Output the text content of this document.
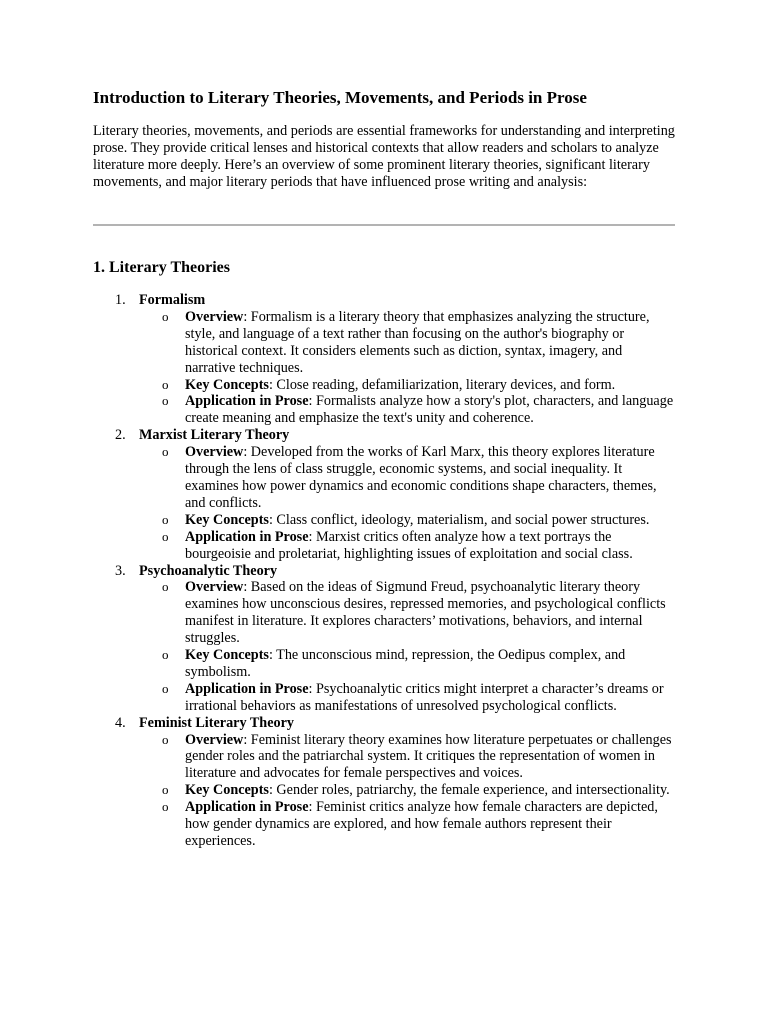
Introduction to Literary Theories, Movements, and Periods in Prose

Literary theories, movements, and periods are essential frameworks for understanding and interpreting prose. They provide critical lenses and historical contexts that allow readers and scholars to analyze literature more deeply. Here’s an overview of some prominent literary theories, significant literary movements, and major literary periods that have influenced prose writing and analysis:

1. Literary Theories
1. Formalism
o Overview: Formalism is a literary theory that emphasizes analyzing the structure, style, and language of a text rather than focusing on the author's biography or historical context. It considers elements such as diction, syntax, imagery, and narrative techniques.
o Key Concepts: Close reading, defamiliarization, literary devices, and form.
o Application in Prose: Formalists analyze how a story's plot, characters, and language create meaning and emphasize the text's unity and coherence.
2. Marxist Literary Theory
o Overview: Developed from the works of Karl Marx, this theory explores literature through the lens of class struggle, economic systems, and social inequality. It examines how power dynamics and economic conditions shape characters, themes, and conflicts.
o Key Concepts: Class conflict, ideology, materialism, and social power structures.
o Application in Prose: Marxist critics often analyze how a text portrays the bourgeoisie and proletariat, highlighting issues of exploitation and social class.
3. Psychoanalytic Theory
o Overview: Based on the ideas of Sigmund Freud, psychoanalytic literary theory examines how unconscious desires, repressed memories, and psychological conflicts manifest in literature. It explores characters’ motivations, behaviors, and internal struggles.
o Key Concepts: The unconscious mind, repression, the Oedipus complex, and symbolism.
o Application in Prose: Psychoanalytic critics might interpret a character’s dreams or irrational behaviors as manifestations of unresolved psychological conflicts.
4. Feminist Literary Theory
o Overview: Feminist literary theory examines how literature perpetuates or challenges gender roles and the patriarchal system. It critiques the representation of women in literature and advocates for female perspectives and voices.
o Key Concepts: Gender roles, patriarchy, the female experience, and intersectionality.
o Application in Prose: Feminist critics analyze how female characters are depicted, how gender dynamics are explored, and how female authors represent their experiences.
